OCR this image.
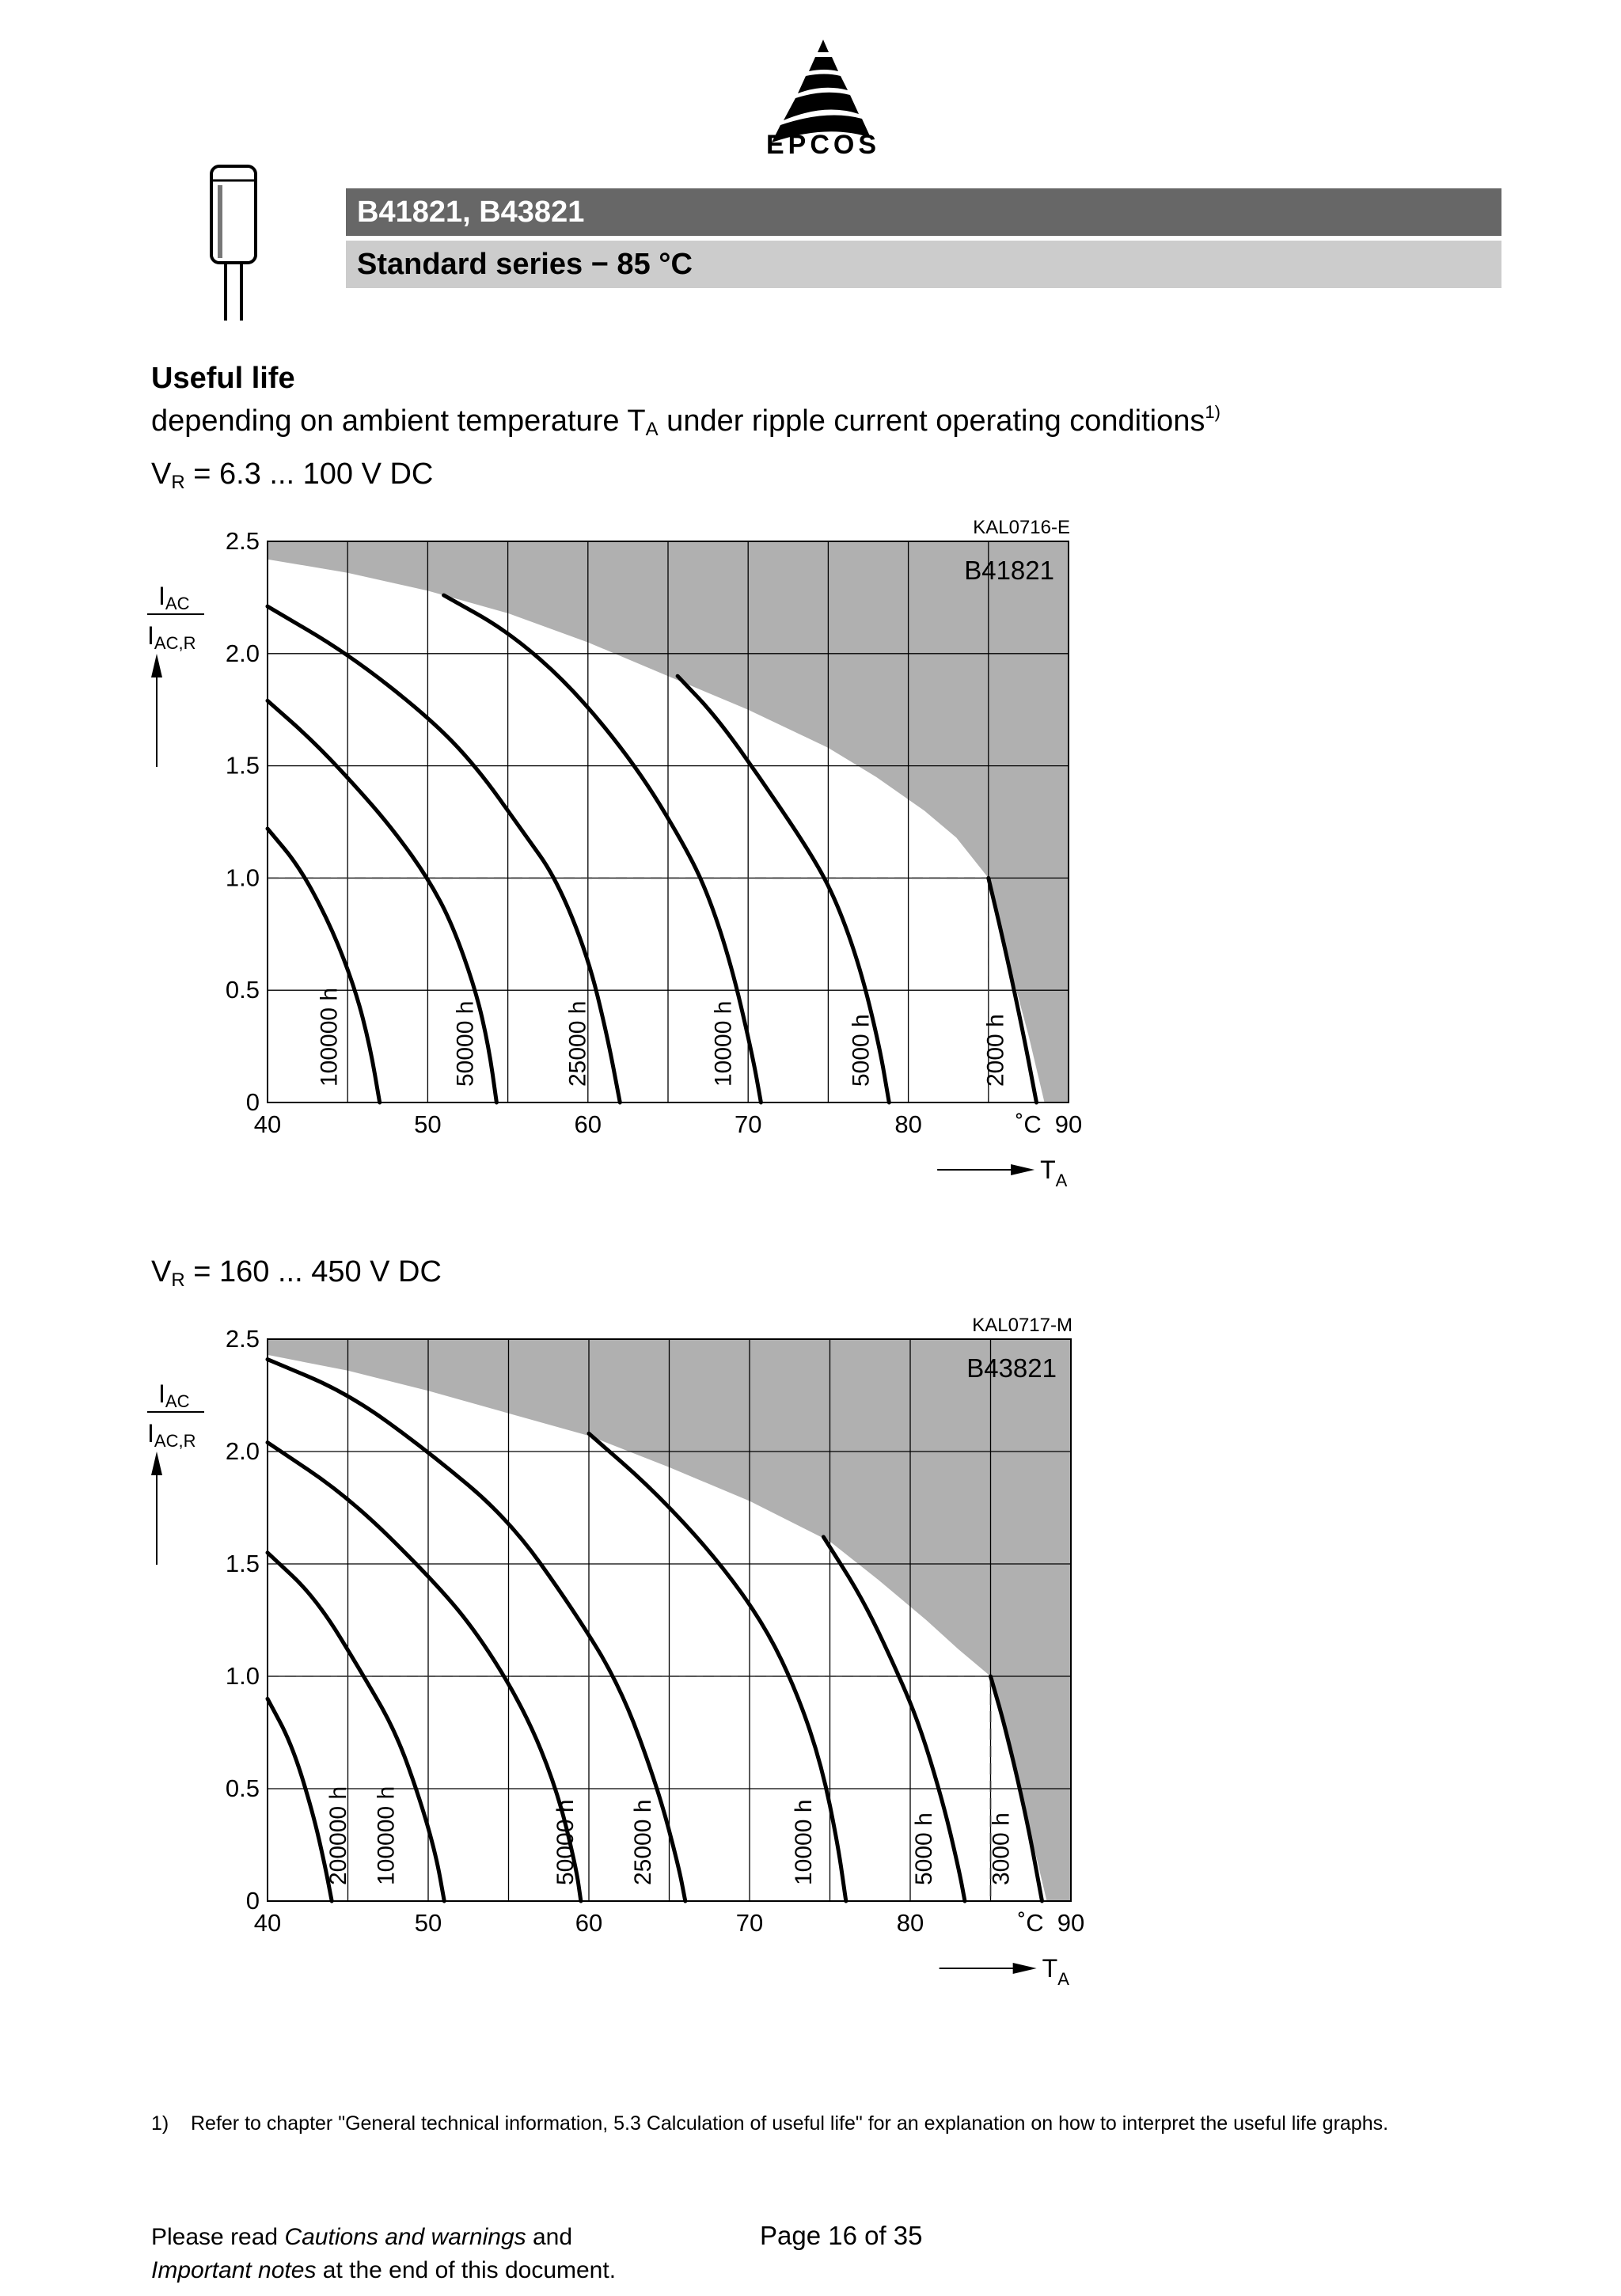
EPCOS
B41821, B43821
Standard series − 85 °C
Useful life
depending on ambient temperature $T_A$ under ripple current operating conditions$^{1)}$
$V_R = 6.3$ ... 100 V DC
40	50	60	70	80	90
0
0.5
1.0
1.5
2.0
2.5
˚C
KAL0716-E
B41821
IAC
IAC,R
$T_A$
100000 h	50000 h	25000 h	10000 h	5000 h	2000 h
$V_R = 160$ ... 450 V DC
40	50	60	70	80	90
0
0.5
1.0
1.5
2.0
2.5
˚C
KAL0717-M
B43821
IAC
IAC,R
$T_A$
200000 h 100000 h	50000 h 25000 h	10000 h	5000 h 3000 h
1) Refer to chapter "General technical information, 5.3 Calculation of useful life" for an explanation on how to interpret the useful life graphs.
Please read Cautions and warnings and
Important notes at the end of this document.
Page 16 of 35
